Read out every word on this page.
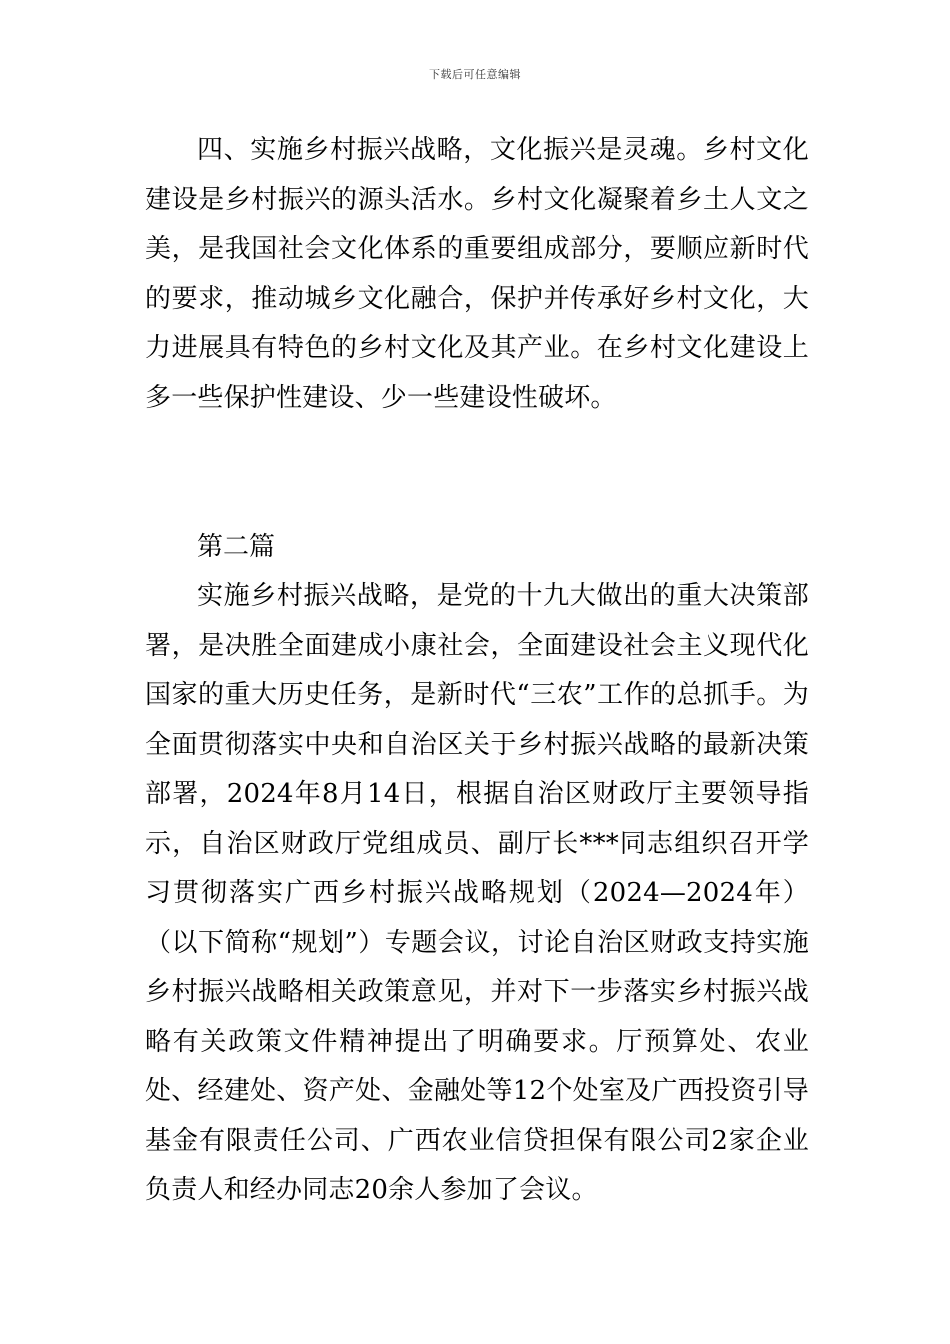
下载后可任意编辑

四、实施乡村振兴战略，文化振兴是灵魂。乡村文化建设是乡村振兴的源头活水。乡村文化凝聚着乡土人文之美，是我国社会文化体系的重要组成部分，要顺应新时代的要求，推动城乡文化融合，保护并传承好乡村文化，大力进展具有特色的乡村文化及其产业。在乡村文化建设上多一些保护性建设、少一些建设性破坏。

第二篇

实施乡村振兴战略，是党的十九大做出的重大决策部署，是决胜全面建成小康社会，全面建设社会主义现代化国家的重大历史任务，是新时代“三农”工作的总抓手。为全面贯彻落实中央和自治区关于乡村振兴战略的最新决策部署，2024年8月14日，根据自治区财政厅主要领导指示，自治区财政厅党组成员、副厅长***同志组织召开学习贯彻落实广西乡村振兴战略规划（2024—2024年）（以下简称“规划”）专题会议，讨论自治区财政支持实施乡村振兴战略相关政策意见，并对下一步落实乡村振兴战略有关政策文件精神提出了明确要求。厅预算处、农业处、经建处、资产处、金融处等12个处室及广西投资引导基金有限责任公司、广西农业信贷担保有限公司2家企业负责人和经办同志20余人参加了会议。
